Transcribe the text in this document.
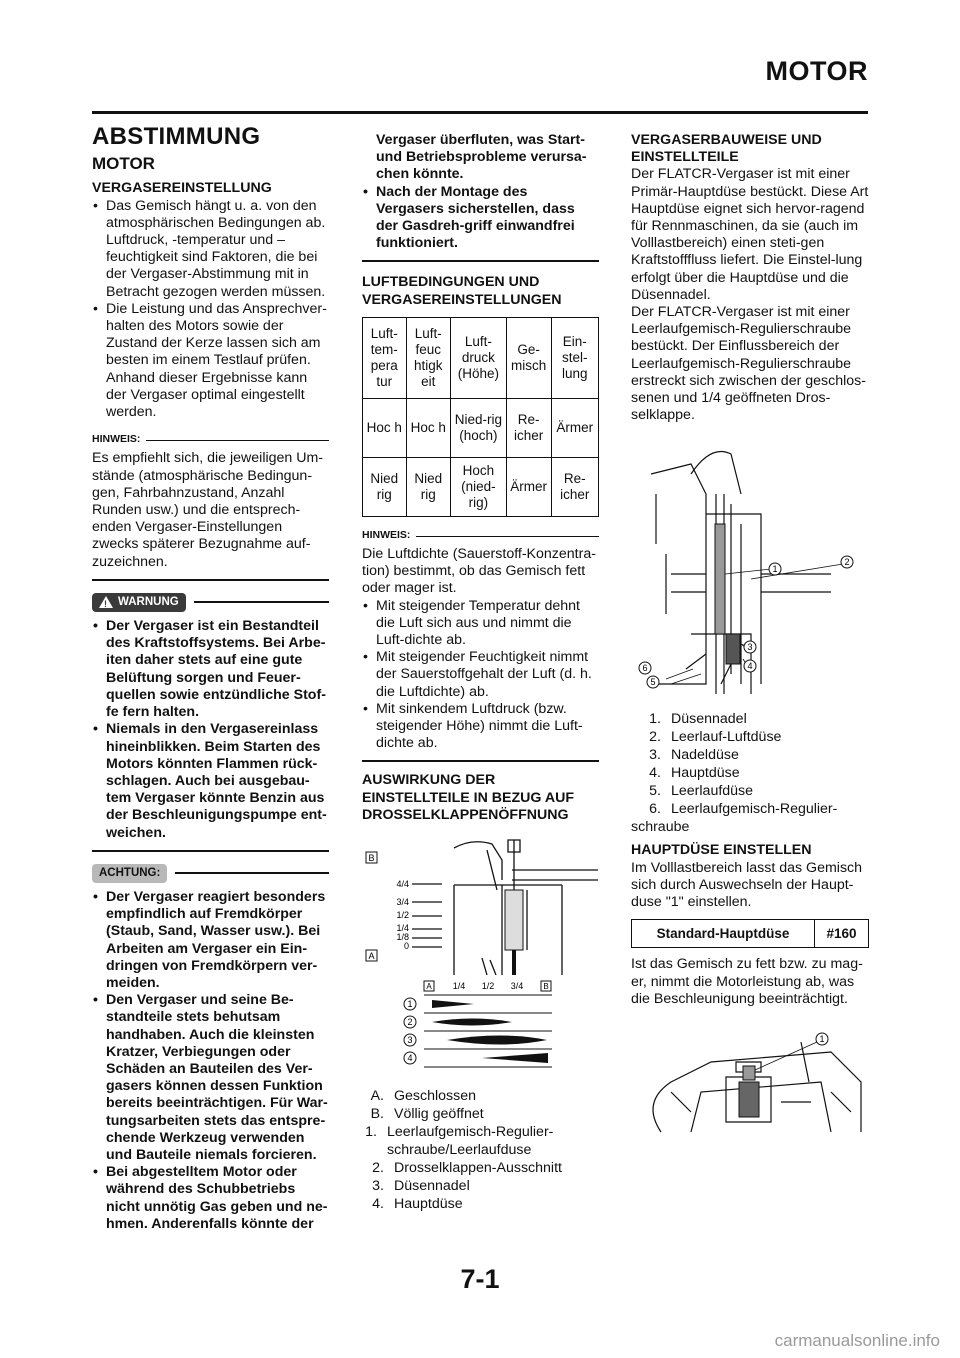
MOTOR
ABSTIMMUNG
MOTOR
VERGASEREINSTELLUNG
• Das Gemisch hängt u. a. von den atmosphärischen Bedingungen ab. Luftdruck, -temperatur und –feuchtigkeit sind Faktoren, die bei der Vergaser-Abstimmung mit in Betracht gezogen werden müssen.
• Die Leistung und das Ansprechver-halten des Motors sowie der Zustand der Kerze lassen sich am besten im einem Testlauf prüfen. Anhand dieser Ergebnisse kann der Vergaser optimal eingestellt werden.
HINWEIS:

Es empfiehlt sich, die jeweiligen Um-stände (atmosphärische Bedingun-gen, Fahrbahnzustand, Anzahl Runden usw.) und die entsprech-enden Vergaser-Einstellungen zwecks späterer Bezugnahme auf-zuzeichnen.

! WARNUNG
• Der Vergaser ist ein Bestandteil des Kraftstoffsystems. Bei Arbe-iten daher stets auf eine gute Belüftung sorgen und Feuer-quellen sowie entzündliche Stof-fe fern halten.
• Niemals in den Vergasereinlass hineinblikken. Beim Starten des Motors könnten Flammen rück-schlagen. Auch bei ausgebau-tem Vergaser könnte Benzin aus der Beschleunigungspumpe ent-weichen.
ACHTUNG:
• Der Vergaser reagiert besonders empfindlich auf Fremdkörper (Staub, Sand, Wasser usw.). Bei Arbeiten am Vergaser ein Ein-dringen von Fremdkörpern ver-meiden.
• Den Vergaser und seine Be-standteile stets behutsam handhaben. Auch die kleinsten Kratzer, Verbiegungen oder Schäden an Bauteilen des Ver-gasers können dessen Funktion bereits beeinträchtigen. Für War-tungsarbeiten stets das entspre-chende Werkzeug verwenden und Bauteile niemals forcieren.
• Bei abgestelltem Motor oder während des Schubbetriebs nicht unnötig Gas geben und ne-hmen. Anderenfalls könnte der

Vergaser überfluten, was Start- und Betriebsprobleme verursa-chen könnte.

• Nach der Montage des Vergasers sicherstellen, dass der Gasdreh-griff einwandfrei funktioniert.
LUFTBEDINGUNGEN UND VERGASEREINSTELLUNGEN
Luft-tem-pera tur	Luft-feuc htigk eit	Luft-druck (Höhe)	Ge-misch	Ein-stel-lung
Hoc h	Hoc h	Nied-rig (hoch)	Re-icher	Ärmer
Nied rig	Nied rig	Hoch (nied-rig)	Ärmer	Re-icher
HINWEIS:

Die Luftdichte (Sauerstoff-Konzentra-tion) bestimmt, ob das Gemisch fett oder mager ist.

• Mit steigender Temperatur dehnt die Luft sich aus und nimmt die Luft-dichte ab.
• Mit steigender Feuchtigkeit nimmt der Sauerstoffgehalt der Luft (d. h. die Luftdichte) ab.
• Mit sinkendem Luftdruck (bzw. steigender Höhe) nimmt die Luft-dichte ab.
AUSWIRKUNG DER EINSTELLTEILE IN BEZUG AUF DROSSELKLAPPENÖFFNUNG
B
A
4/4
3/4
1/2
1/4
1/8
0
A 1/4 1/2 3/4	B
1
2
3
4
A. Geschlossen
B. Völlig geöffnet
1. Leerlaufgemisch-Regulier-schraube/Leerlaufduse
2. Drosselklappen-Ausschnitt
3. Düsennadel
4. Hauptdüse
VERGASERBAUWEISE UND EINSTELLTEILE

Der FLATCR-Vergaser ist mit einer Primär-Hauptdüse bestückt. Diese Art Hauptdüse eignet sich hervor-ragend für Rennmaschinen, da sie (auch im Volllastbereich) einen steti-gen Kraftstofffluss liefert. Die Einstel-lung erfolgt über die Hauptdüse und die Düsennadel.

Der FLATCR-Vergaser ist mit einer Leerlaufgemisch-Regulierschraube bestückt. Der Einflussbereich der Leerlaufgemisch-Regulierschraube erstreckt sich zwischen der geschlos-senen und 1/4 geöffneten Dros-selklappe.

1
2
3
4
5
6
1. Düsennadel
2. Leerlauf-Luftdüse
3. Nadeldüse
4. Hauptdüse
5. Leerlaufdüse
6. Leerlaufgemisch-Regulier-
schraube
HAUPTDÜSE EINSTELLEN

Im Volllastbereich lasst das Gemisch sich durch Auswechseln der Haupt-duse "1" einstellen.

Standard-Hauptdüse	#160

Ist das Gemisch zu fett bzw. zu mag-er, nimmt die Motorleistung ab, was die Beschleunigung beeinträchtigt.

1
7-1
carmanualsonline.info
